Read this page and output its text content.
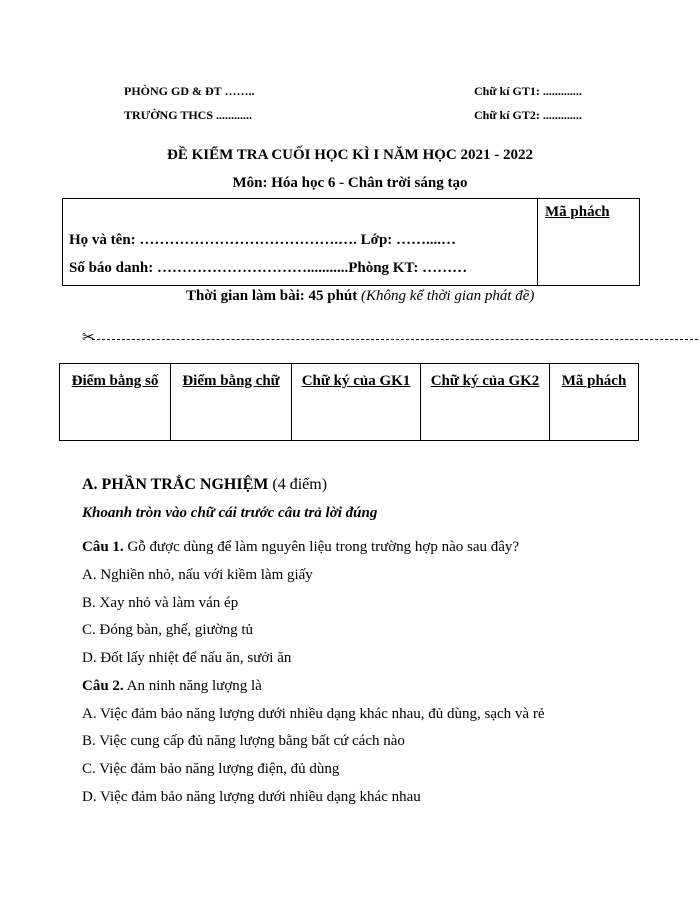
PHÒNG GD & ĐT ……..
TRƯỜNG THCS ............
Chữ kí GT1: .............
Chữ kí GT2: .............
ĐỀ KIỂM TRA CUỐI HỌC KÌ I NĂM HỌC 2021 - 2022
Môn: Hóa học 6 - Chân trời sáng tạo
Họ và tên: ………………………………….…. Lớp: ……....…
Số báo danh: …………………………...........Phòng KT: ………
Mã phách
Thời gian làm bài: 45 phút (Không kể thời gian phát đề)
✂
Điểm bằng số	Điểm bằng chữ	Chữ ký của GK1	Chữ ký của GK2	Mã phách
A. PHẦN TRẮC NGHIỆM (4 điểm)
Khoanh tròn vào chữ cái trước câu trả lời đúng
Câu 1. Gỗ được dùng để làm nguyên liệu trong trường hợp nào sau đây?
A. Nghiền nhỏ, nấu với kiềm làm giấy
B. Xay nhỏ và làm ván ép
C. Đóng bàn, ghế, giường tủ
D. Đốt lấy nhiệt để nấu ăn, sưởi ăn
Câu 2. An ninh năng lượng là
A. Việc đảm bảo năng lượng dưới nhiều dạng khác nhau, đủ dùng, sạch và rẻ
B. Việc cung cấp đủ năng lượng bằng bất cứ cách nào
C. Việc đảm bảo năng lượng điện, đủ dùng
D. Việc đảm bảo năng lượng dưới nhiều dạng khác nhau
